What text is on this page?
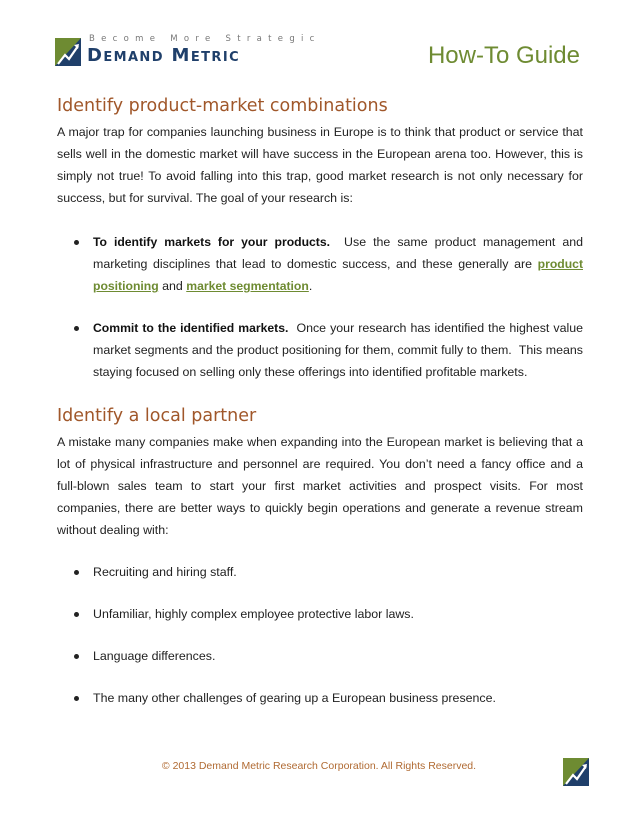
Become More Strategic
Demand Metric	How-To Guide
Identify product-market combinations

A major trap for companies launching business in Europe is to think that product or service that sells well in the domestic market will have success in the European arena too. However, this is simply not true! To avoid falling into this trap, good market research is not only necessary for success, but for survival. The goal of your research is:

To identify markets for your products.  Use the same product management and marketing disciplines that lead to domestic success, and these generally are product positioning and market segmentation.
Commit to the identified markets.  Once your research has identified the highest value market segments and the product positioning for them, commit fully to them.  This means staying focused on selling only these offerings into identified profitable markets.
Identify a local partner

A mistake many companies make when expanding into the European market is believing that a lot of physical infrastructure and personnel are required. You don’t need a fancy office and a full-blown sales team to start your first market activities and prospect visits. For most companies, there are better ways to quickly begin operations and generate a revenue stream without dealing with:

Recruiting and hiring staff.
Unfamiliar, highly complex employee protective labor laws.
Language differences.
The many other challenges of gearing up a European business presence.
© 2013 Demand Metric Research Corporation. All Rights Reserved.
